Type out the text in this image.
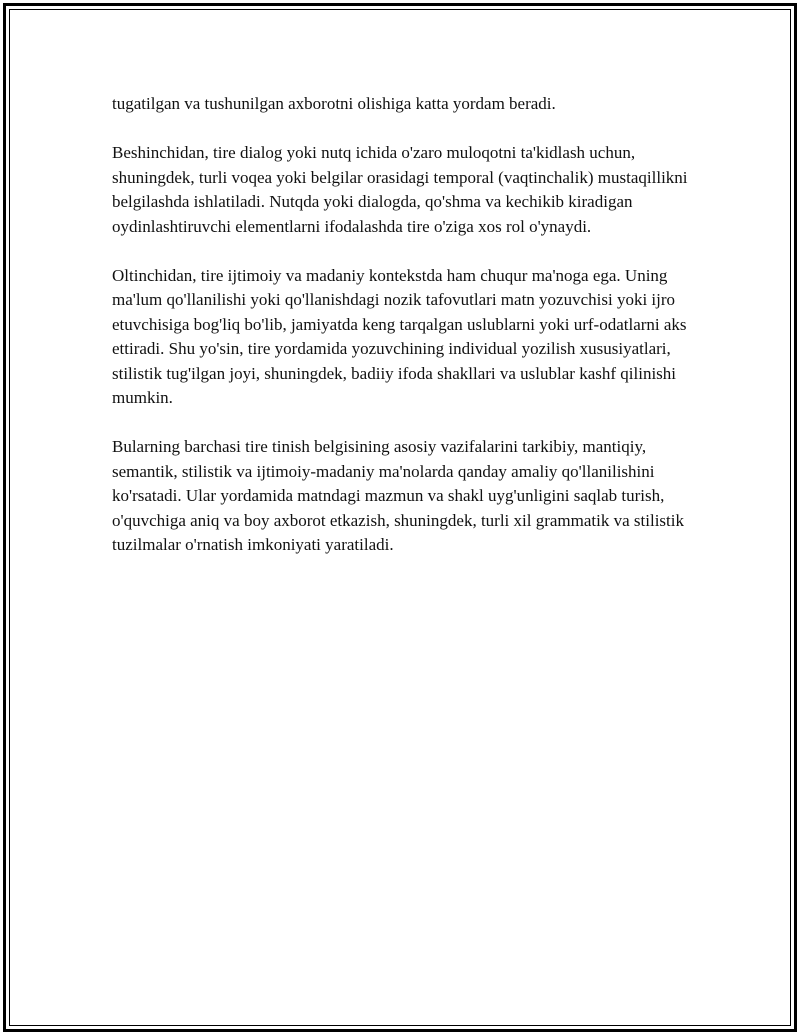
tugatilgan va tushunilgan axborotni olishiga katta yordam beradi.

Beshinchidan, tire dialog yoki nutq ichida o'zaro muloqotni ta'kidlash uchun, shuningdek, turli voqea yoki belgilar orasidagi temporal (vaqtinchalik) mustaqillikni belgilashda ishlatiladi. Nutqda yoki dialogda, qo'shma va kechikib kiradigan oydinlashtiruvchi elementlarni ifodalashda tire o'ziga xos rol o'ynaydi.

Oltinchidan, tire ijtimoiy va madaniy kontekstda ham chuqur ma'noga ega. Uning ma'lum qo'llanilishi yoki qo'llanishdagi nozik tafovutlari matn yozuvchisi yoki ijro etuvchisiga bog'liq bo'lib, jamiyatda keng tarqalgan uslublarni yoki urf-odatlarni aks ettiradi. Shu yo'sin, tire yordamida yozuvchining individual yozilish xususiyatlari, stilistik tug'ilgan joyi, shuningdek, badiiy ifoda shakllari va uslublar kashf qilinishi mumkin.

Bularning barchasi tire tinish belgisining asosiy vazifalarini tarkibiy, mantiqiy, semantik, stilistik va ijtimoiy-madaniy ma'nolarda qanday amaliy qo'llanilishini ko'rsatadi. Ular yordamida matndagi mazmun va shakl uyg'unligini saqlab turish, o'quvchiga aniq va boy axborot etkazish, shuningdek, turli xil grammatik va stilistik tuzilmalar o'rnatish imkoniyati yaratiladi.
